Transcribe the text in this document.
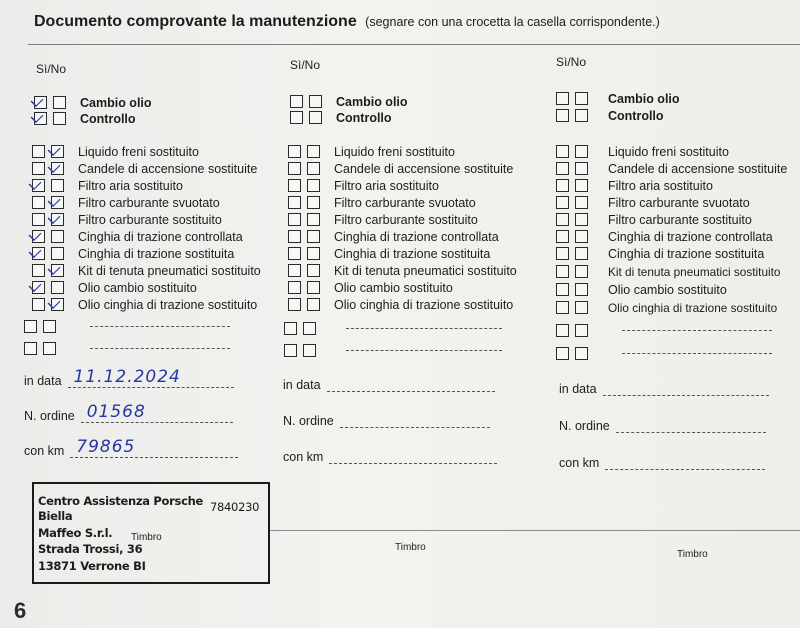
Documento comprovante la manutenzione (segnare con una crocetta la casella corrispondente.)
Sì/No
Cambio olio
Controllo
Liquido freni sostituito
Candele di accensione sostituite
Filtro aria sostituito
Filtro carburante svuotato
Filtro carburante sostituito
Cinghia di trazione controllata
Cinghia di trazione sostituita
Kit di tenuta pneumatici sostituito
Olio cambio sostituito
Olio cinghia di trazione sostituito
in data 11.12.2024
N. ordine 01568
con km 79865
Centro Assistenza Porsche 7840230
Biella
Maffeo S.r.l.
Strada Trossi, 36
13871 Verrone BI
Timbro
Sì/No
Cambio olio
Controllo
Liquido freni sostituito
Candele di accensione sostituite
Filtro aria sostituito
Filtro carburante svuotato
Filtro carburante sostituito
Cinghia di trazione controllata
Cinghia di trazione sostituita
Kit di tenuta pneumatici sostituito
Olio cambio sostituito
Olio cinghia di trazione sostituito
in data
N. ordine
con km
Timbro
Sì/No
Cambio olio
Controllo
Liquido freni sostituito
Candele di accensione sostituite
Filtro aria sostituito
Filtro carburante svuotato
Filtro carburante sostituito
Cinghia di trazione controllata
Cinghia di trazione sostituita
Kit di tenuta pneumatici sostituito
Olio cambio sostituito
Olio cinghia di trazione sostituito
in data
N. ordine
con km
Timbro
6
